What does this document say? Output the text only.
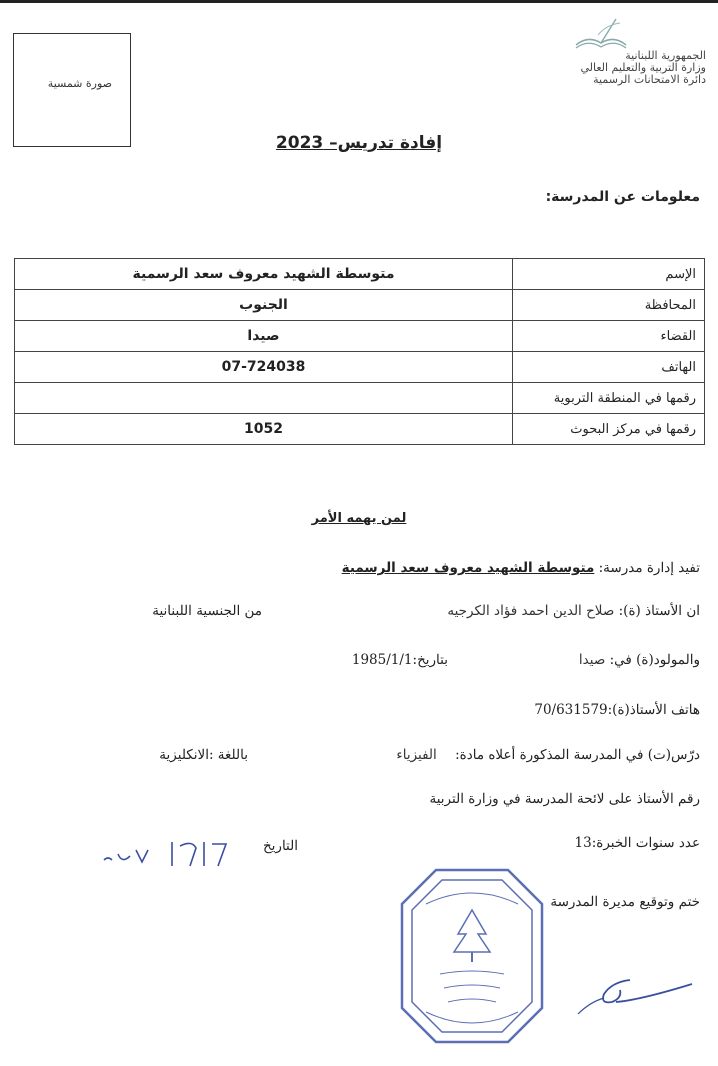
صورة شمسية
الجمهورية اللبنانية
وزارة التربية والتعليم العالي
دائرة الامتحانات الرسمية
إفادة تدريس– 2023
معلومات عن المدرسة:
الإسم	متوسطة الشهيد معروف سعد الرسمية
المحافظة	الجنوب
القضاء	صيدا
الهاتف	07-724038
رقمها في المنطقة التربوية	
رقمها في مركز البحوث	1052
لمن يهمه الأمر
تفيد إدارة مدرسة: متوسطة الشهيد معروف سعد الرسمية
ان الأستاذ (ة): صلاح الدين احمد فؤاد الكرجيه
من الجنسية اللبنانية
والمولود(ة) في: صيدا
بتاريخ:1985/1/1
هاتف الأستاذ(ة):70/631579
درّس(ت) في المدرسة المذكورة أعلاه مادة: الفيزياء
باللغة :الانكليزية
رقم الأستاذ على لائحة المدرسة في وزارة التربية
عدد سنوات الخبرة:13
ختم وتوقيع مديرة المدرسة
التاريخ
